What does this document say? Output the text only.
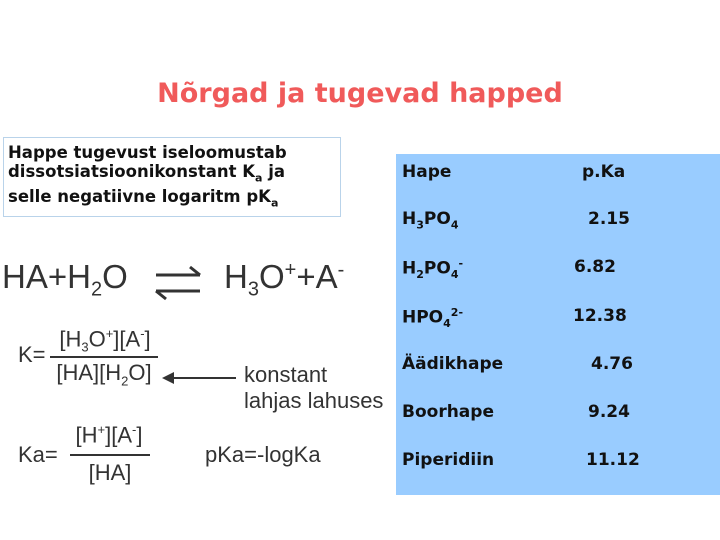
Nõrgad ja tugevad happed
Happe tugevust iseloomustab
dissotsiatsioonikonstant $K_a$ ja
selle negatiivne logaritm $pK_a$
$HA+H_2O$ ⇌ $H_3O^++A^-$
K=
$[H_3O^+][A^-]$
$[HA][H_2O]$	konstant
lahjas lahuses
Ka=
[H+][A-]
[HA]
pKa=-logKa
Hape	p.Ka
$H_3PO_4$	2.15
$H_2PO_4^-$	6.82
$HPO_4^{2-}$	12.38
Äädikhape	4.76
Boorhape	9.24
Piperidiin	11.12
